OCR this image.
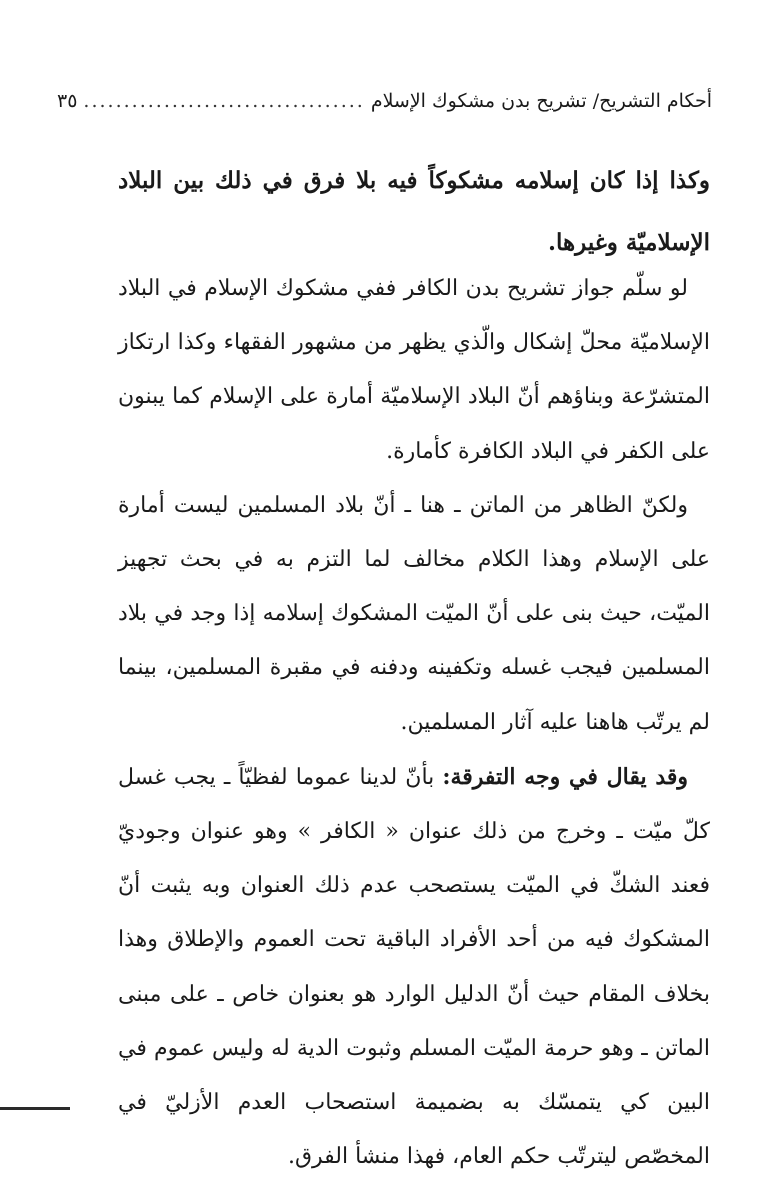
أحكام التشريح/ تشريح بدن مشكوك الإسلام
...................................
٣٥
وكذا إذا كان إسلامه مشكوكاً فيه بلا فرق في ذلك بين البلاد الإسلاميّة وغيرها.

لو سلّم جواز تشريح بدن الكافر ففي مشكوك الإسلام في البلاد الإسلاميّة محلّ إشكال والّذي يظهر من مشهور الفقهاء وكذا ارتكاز المتشرّعة وبناؤهم أنّ البلاد الإسلاميّة أمارة على الإسلام كما يبنون على الكفر في البلاد الكافرة كأمارة.

ولكنّ الظاهر من الماتن ـ هنا ـ أنّ بلاد المسلمين ليست أمارة على الإسلام وهذا الكلام مخالف لما التزم به في بحث تجهيز الميّت، حيث بنى على أنّ الميّت المشكوك إسلامه إذا وجد في بلاد المسلمين فيجب غسله وتكفينه ودفنه في مقبرة المسلمين، بينما لم يرتّب هاهنا عليه آثار المسلمين.

وقد يقال في وجه التفرقة: بأنّ لدينا عموما لفظيّاً ـ يجب غسل كلّ ميّت ـ وخرج من ذلك عنوان « الكافر » وهو عنوان وجوديّ فعند الشكّ في الميّت يستصحب عدم ذلك العنوان وبه يثبت أنّ المشكوك فيه من أحد الأفراد الباقية تحت العموم والإطلاق وهذا بخلاف المقام حيث أنّ الدليل الوارد هو بعنوان خاص ـ على مبنى الماتن ـ وهو حرمة الميّت المسلم وثبوت الدية له وليس عموم في البين كي يتمسّك به بضميمة استصحاب العدم الأزليّ في المخصّص ليترتّب حكم العام، فهذا منشأ الفرق.
